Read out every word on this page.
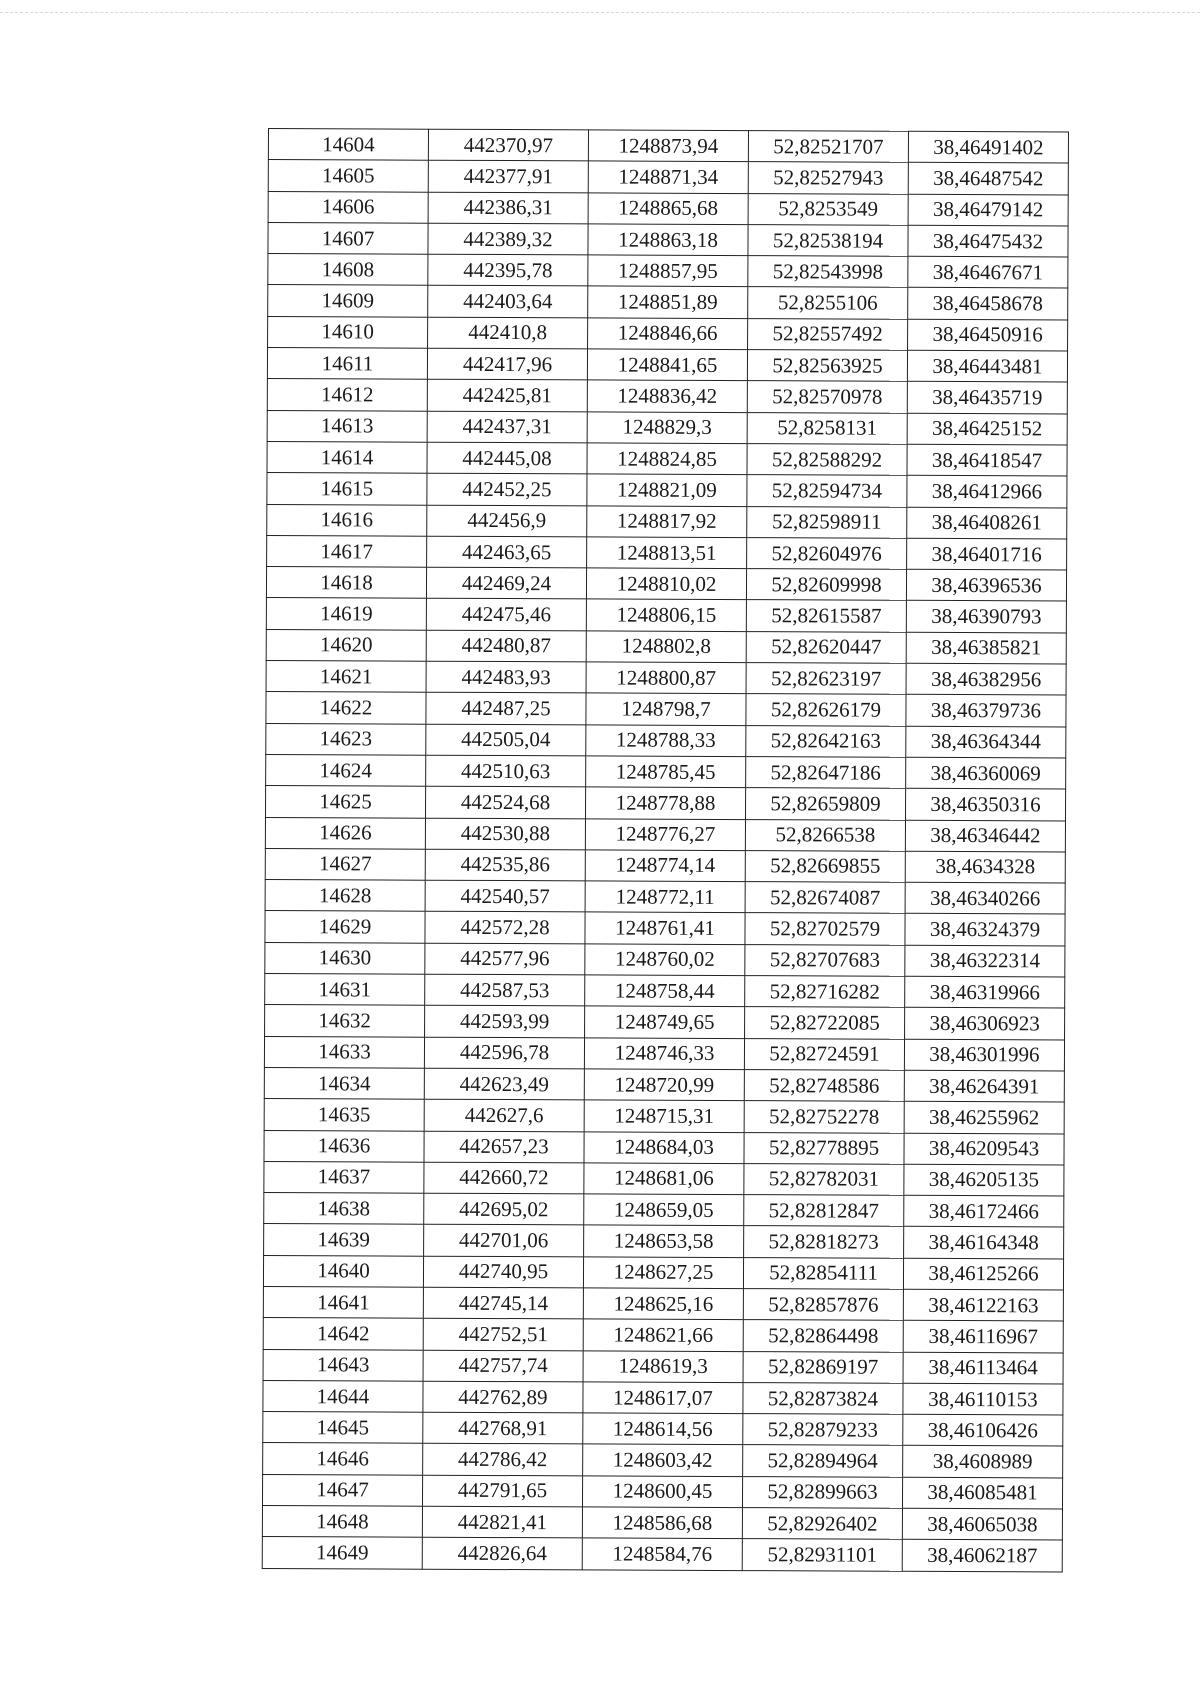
14604	442370,97	1248873,94	52,82521707	38,46491402
14605	442377,91	1248871,34	52,82527943	38,46487542
14606	442386,31	1248865,68	52,8253549	38,46479142
14607	442389,32	1248863,18	52,82538194	38,46475432
14608	442395,78	1248857,95	52,82543998	38,46467671
14609	442403,64	1248851,89	52,8255106	38,46458678
14610	442410,8	1248846,66	52,82557492	38,46450916
14611	442417,96	1248841,65	52,82563925	38,46443481
14612	442425,81	1248836,42	52,82570978	38,46435719
14613	442437,31	1248829,3	52,8258131	38,46425152
14614	442445,08	1248824,85	52,82588292	38,46418547
14615	442452,25	1248821,09	52,82594734	38,46412966
14616	442456,9	1248817,92	52,82598911	38,46408261
14617	442463,65	1248813,51	52,82604976	38,46401716
14618	442469,24	1248810,02	52,82609998	38,46396536
14619	442475,46	1248806,15	52,82615587	38,46390793
14620	442480,87	1248802,8	52,82620447	38,46385821
14621	442483,93	1248800,87	52,82623197	38,46382956
14622	442487,25	1248798,7	52,82626179	38,46379736
14623	442505,04	1248788,33	52,82642163	38,46364344
14624	442510,63	1248785,45	52,82647186	38,46360069
14625	442524,68	1248778,88	52,82659809	38,46350316
14626	442530,88	1248776,27	52,8266538	38,46346442
14627	442535,86	1248774,14	52,82669855	38,4634328
14628	442540,57	1248772,11	52,82674087	38,46340266
14629	442572,28	1248761,41	52,82702579	38,46324379
14630	442577,96	1248760,02	52,82707683	38,46322314
14631	442587,53	1248758,44	52,82716282	38,46319966
14632	442593,99	1248749,65	52,82722085	38,46306923
14633	442596,78	1248746,33	52,82724591	38,46301996
14634	442623,49	1248720,99	52,82748586	38,46264391
14635	442627,6	1248715,31	52,82752278	38,46255962
14636	442657,23	1248684,03	52,82778895	38,46209543
14637	442660,72	1248681,06	52,82782031	38,46205135
14638	442695,02	1248659,05	52,82812847	38,46172466
14639	442701,06	1248653,58	52,82818273	38,46164348
14640	442740,95	1248627,25	52,82854111	38,46125266
14641	442745,14	1248625,16	52,82857876	38,46122163
14642	442752,51	1248621,66	52,82864498	38,46116967
14643	442757,74	1248619,3	52,82869197	38,46113464
14644	442762,89	1248617,07	52,82873824	38,46110153
14645	442768,91	1248614,56	52,82879233	38,46106426
14646	442786,42	1248603,42	52,82894964	38,4608989
14647	442791,65	1248600,45	52,82899663	38,46085481
14648	442821,41	1248586,68	52,82926402	38,46065038
14649	442826,64	1248584,76	52,82931101	38,46062187
